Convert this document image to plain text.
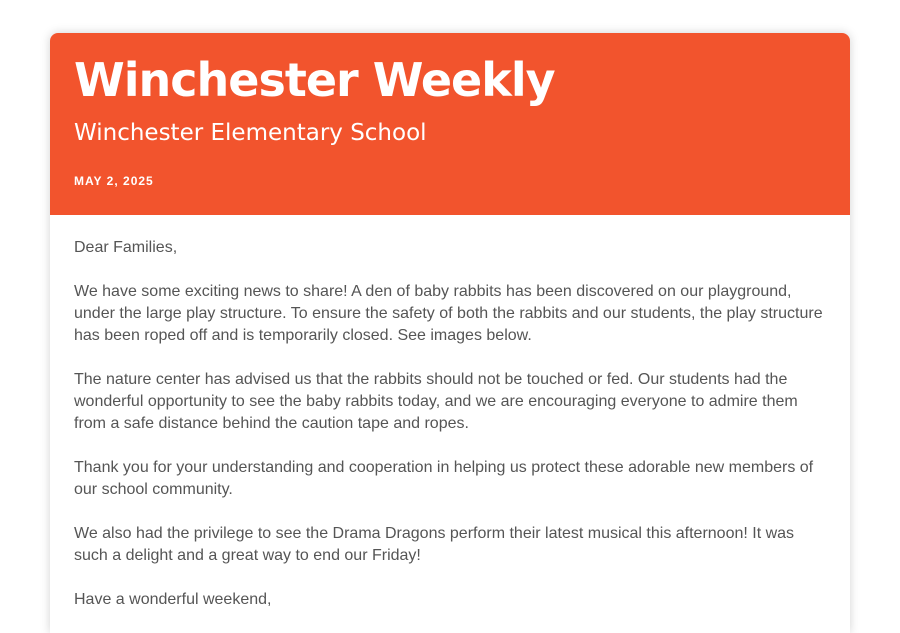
Winchester Weekly
Winchester Elementary School
MAY 2, 2025

Dear Families,

We have some exciting news to share! A den of baby rabbits has been discovered on our playground, under the large play structure. To ensure the safety of both the rabbits and our students, the play structure has been roped off and is temporarily closed. See images below.

The nature center has advised us that the rabbits should not be touched or fed. Our students had the wonderful opportunity to see the baby rabbits today, and we are encouraging everyone to admire them from a safe distance behind the caution tape and ropes.

Thank you for your understanding and cooperation in helping us protect these adorable new members of our school community.

We also had the privilege to see the Drama Dragons perform their latest musical this afternoon! It was such a delight and a great way to end our Friday!

Have a wonderful weekend,
